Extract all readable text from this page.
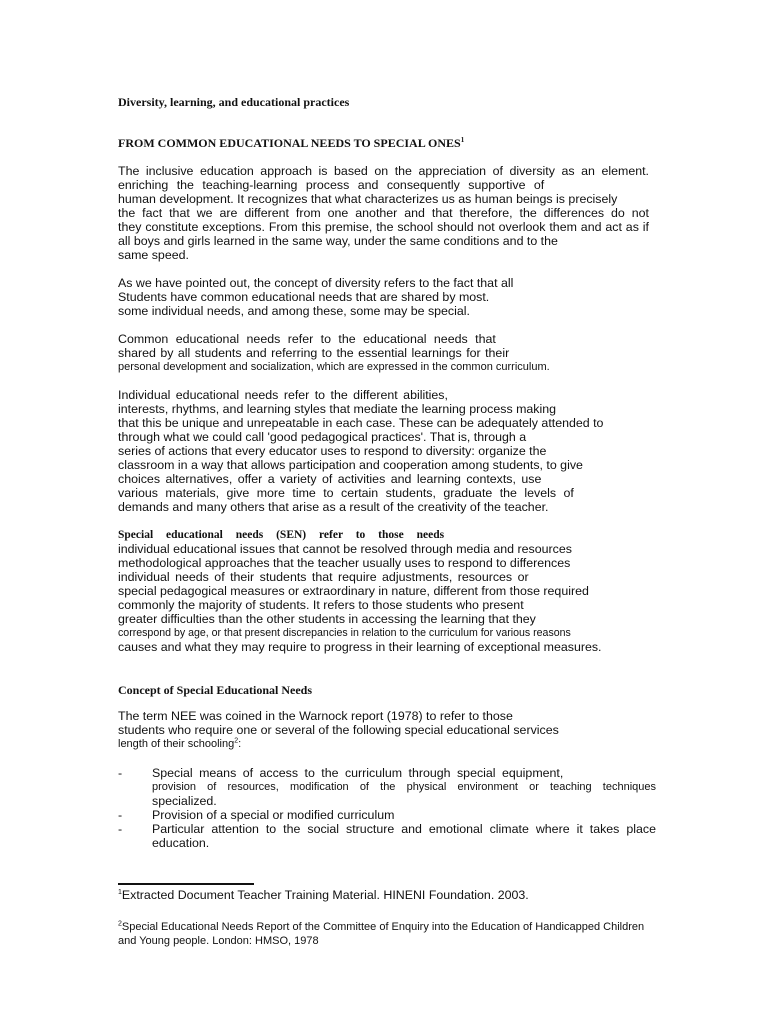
Diversity, learning, and educational practices
FROM COMMON EDUCATIONAL NEEDS TO SPECIAL ONES$^1$
The inclusive education approach is based on the appreciation of diversity as an element.
enriching the teaching-learning process and consequently supportive of
human development. It recognizes that what characterizes us as human beings is precisely
the fact that we are different from one another and that therefore, the differences do not
they constitute exceptions. From this premise, the school should not overlook them and act as if
all boys and girls learned in the same way, under the same conditions and to the
same speed.
As we have pointed out, the concept of diversity refers to the fact that all
Students have common educational needs that are shared by most.
some individual needs, and among these, some may be special.
Common educational needs refer to the educational needs that
shared by all students and referring to the essential learnings for their
personal development and socialization, which are expressed in the common curriculum.
Individual educational needs refer to the different abilities,
interests, rhythms, and learning styles that mediate the learning process making
that this be unique and unrepeatable in each case. These can be adequately attended to
through what we could call 'good pedagogical practices'. That is, through a
series of actions that every educator uses to respond to diversity: organize the
classroom in a way that allows participation and cooperation among students, to give
choices alternatives, offer a variety of activities and learning contexts, use
various materials, give more time to certain students, graduate the levels of
demands and many others that arise as a result of the creativity of the teacher.
Special educational needs (SEN) refer to those needs
individual educational issues that cannot be resolved through media and resources
methodological approaches that the teacher usually uses to respond to differences
individual needs of their students that require adjustments, resources or
special pedagogical measures or extraordinary in nature, different from those required
commonly the majority of students. It refers to those students who present
greater difficulties than the other students in accessing the learning that they
correspond by age, or that present discrepancies in relation to the curriculum for various reasons
causes and what they may require to progress in their learning of exceptional measures.
Concept of Special Educational Needs
The term NEE was coined in the Warnock report (1978) to refer to those
students who require one or several of the following special educational services
length of their schooling$^2$:
-	Special means of access to the curriculum through special equipment,
provision of resources, modification of the physical environment or teaching techniques
specialized.
-	Provision of a special or modified curriculum
-	Particular attention to the social structure and emotional climate where it takes place
education.
$^1$Extracted Document Teacher Training Material. HINENI Foundation. 2003.
$^2$Special Educational Needs Report of the Committee of Enquiry into the Education of Handicapped Children
and Young people. London: HMSO, 1978
